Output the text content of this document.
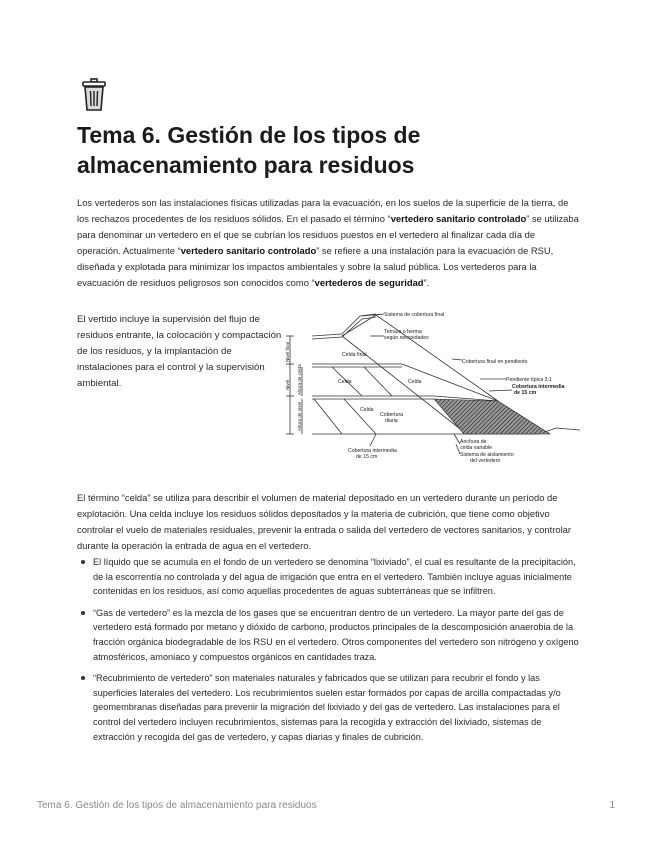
Tema 6. Gestión de los tipos de almacenamiento para residuos

Los vertederos son las instalaciones físicas utilizadas para la evacuación, en los suelos de la superficie de la tierra, de los rechazos procedentes de los residuos sólidos. En el pasado el término “vertedero sanitario controlado” se utilizaba para denominar un vertedero en el que se cubrían los residuos puestos en el vertedero al finalizar cada día de operación. Actualmente “vertedero sanitario controlado” se refiere a una instalación para la evacuación de RSU, diseñada y explotada para minimizar los impactos ambientales y sobre la salud pública. Los vertederos para la evacuación de residuos peligrosos son conocidos como “vertederos de seguridad”.

El vertido incluye la supervisión del flujo de residuos entrante, la colocación y compactación de los residuos, y la implantación de instalaciones para el control y la supervisión ambiental.

Sistema de cobertura final
Terraza o berma
según necesidades
Celda final
Cobertura final en pendiente
Pendiente típica 3:1
Cobertura intermedia
de 15 cm
Celda	Celda
Celda
Cobertura
diaria
Anchura de
celda variable
Sistema de aislamiento
del vertedero
Cobertura intermedia
de 15 cm
Nivel final
Nivel Altura de celda
Altura de nivel

El término “celda” se utiliza para describir el volumen de material depositado en un vertedero durante un período de explotación. Una celda incluye los residuos sólidos depositados y la materia de cubrición, que tiene como objetivo controlar el vuelo de materiales residuales, prevenir la entrada o salida del vertedero de vectores sanitarios, y controlar durante la operación la entrada de agua en el vertedero.

El líquido que se acumula en el fondo de un vertedero se denomina “lixiviado”, el cual es resultante de la precipitación, de la escorrentía no controlada y del agua de irrigación que entra en el vertedero. También incluye aguas inicialmente contenidas en los residuos, así como aquellas procedentes de aguas subterráneas que se infiltren.
“Gas de vertedero” es la mezcla de los gases que se encuentran dentro de un vertedero. La mayor parte del gas de vertedero está formado por metano y dióxido de carbono, productos principales de la descomposición anaerobia de la fracción orgánica biodegradable de los RSU en el vertedero. Otros componentes del vertedero son nitrógeno y oxígeno atmosféricos, amoniaco y compuestos orgánicos en cantidades traza.
“Recubrimiento de vertedero” son materiales naturales y fabricados que se utilizan para recubrir el fondo y las superficies laterales del vertedero. Los recubrimientos suelen estar formados por capas de arcilla compactadas y/o geomembranas diseñadas para prevenir la migración del lixiviado y del gas de vertedero. Las instalaciones para el control del vertedero incluyen recubrimientos, sistemas para la recogida y extracción del lixiviado, sistemas de extracción y recogida del gas de vertedero, y capas diarias y finales de cubrición.
Tema 6. Gestión de los tipos de almacenamiento para residuos	1
